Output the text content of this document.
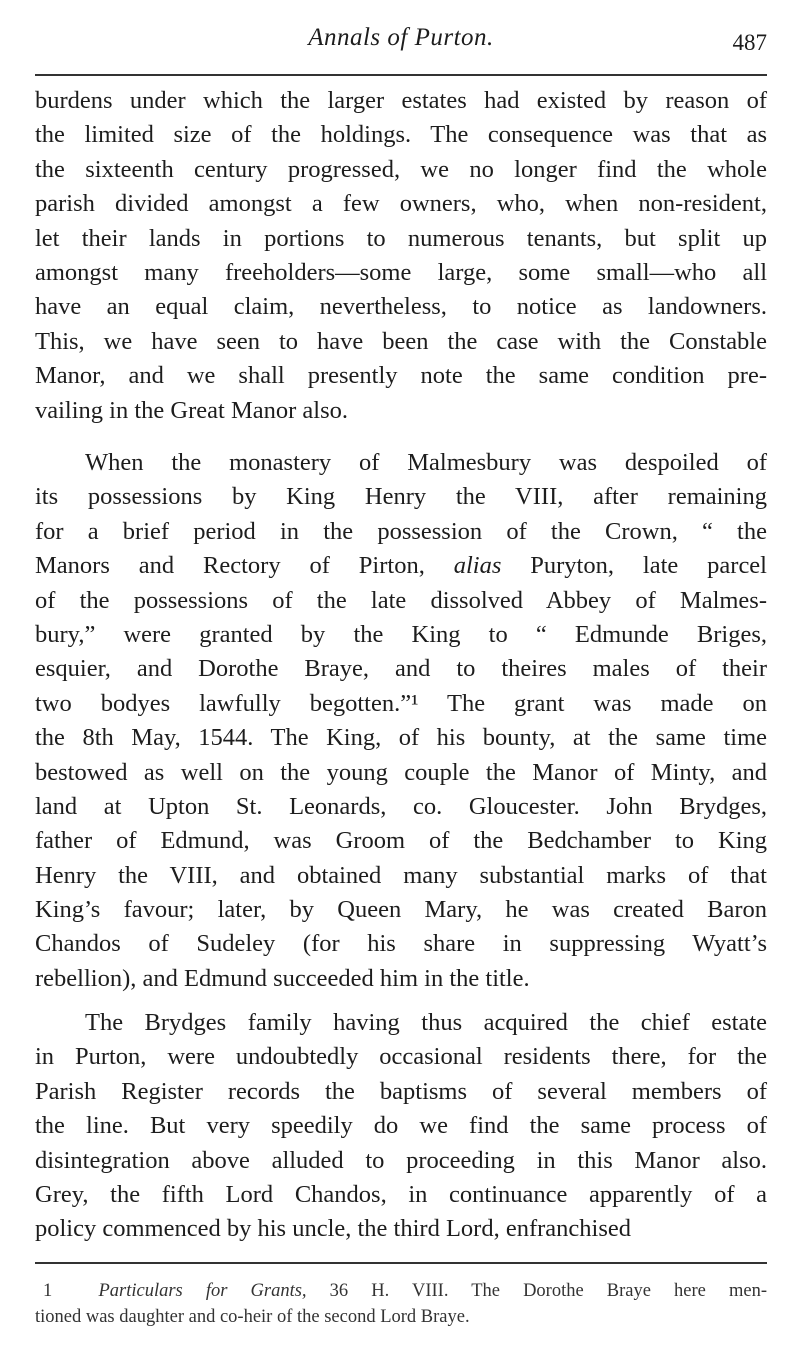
Annals of Purton.	487
burdens under which the larger estates had existed by reason of
the limited size of the holdings. The consequence was that as
the sixteenth century progressed, we no longer find the whole
parish divided amongst a few owners, who, when non-resident,
let their lands in portions to numerous tenants, but split up
amongst many freeholders—some large, some small—who all
have an equal claim, nevertheless, to notice as landowners.
This, we have seen to have been the case with the Constable
Manor, and we shall presently note the same condition pre-
vailing in the Great Manor also.
When the monastery of Malmesbury was despoiled of
its possessions by King Henry the VIII, after remaining
for a brief period in the possession of the Crown, “ the
Manors and Rectory of Pirton, alias Puryton, late parcel
of the possessions of the late dissolved Abbey of Malmes-
bury,” were granted by the King to “ Edmunde Briges,
esquier, and Dorothe Braye, and to theires males of their
two bodyes lawfully begotten.”¹ The grant was made on
the 8th May, 1544. The King, of his bounty, at the same time
bestowed as well on the young couple the Manor of Minty, and
land at Upton St. Leonards, co. Gloucester. John Brydges,
father of Edmund, was Groom of the Bedchamber to King
Henry the VIII, and obtained many substantial marks of that
King’s favour; later, by Queen Mary, he was created Baron
Chandos of Sudeley (for his share in suppressing Wyatt’s
rebellion), and Edmund succeeded him in the title.
The Brydges family having thus acquired the chief estate
in Purton, were undoubtedly occasional residents there, for the
Parish Register records the baptisms of several members of
the line. But very speedily do we find the same process of
disintegration above alluded to proceeding in this Manor also.
Grey, the fifth Lord Chandos, in continuance apparently of a
policy commenced by his uncle, the third Lord, enfranchised
1 Particulars for Grants, 36 H. VIII. The Dorothe Braye here men-
tioned was daughter and co-heir of the second Lord Braye.
